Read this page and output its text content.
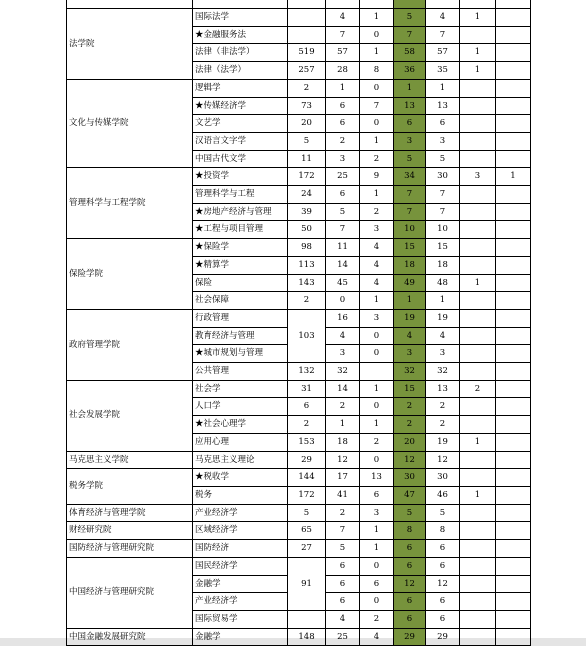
法学院	国际法学		4	1	5	4	1	
	★金融服务法		7	0	7	7		
	法律（非法学）	519	57	1	58	57	1	
	法律（法学）	257	28	8	36	35	1	
文化与传媒学院	逻辑学	2	1	0	1	1		
	★传媒经济学	73	6	7	13	13		
	文艺学	20	6	0	6	6		
	汉语言文字学	5	2	1	3	3		
	中国古代文学	11	3	2	5	5		
管理科学与工程学院	★投资学	172	25	9	34	30	3	1
	管理科学与工程	24	6	1	7	7		
	★房地产经济与管理	39	5	2	7	7		
	★工程与项目管理	50	7	3	10	10		
保险学院	★保险学	98	11	4	15	15		
	★精算学	113	14	4	18	18		
	保险	143	45	4	49	48	1	
	社会保障	2	0	1	1	1		
政府管理学院	行政管理	103	16	3	19	19		
	教育经济与管理		4	0	4	4		
	★城市规划与管理		3	0	3	3		
	公共管理	132	32		32	32		
社会发展学院	社会学	31	14	1	15	13	2	
	人口学	6	2	0	2	2		
	★社会心理学	2	1	1	2	2		
	应用心理	153	18	2	20	19	1	
马克思主义学院	马克思主义理论	29	12	0	12	12		
税务学院	★税收学	144	17	13	30	30		
	税务	172	41	6	47	46	1	
体育经济与管理学院	产业经济学	5	2	3	5	5		
财经研究院	区域经济学	65	7	1	8	8		
国防经济与管理研究院	国防经济	27	5	1	6	6		
中国经济与管理研究院	国民经济学	91	6	0	6	6		
	金融学		6	6	12	12		
	产业经济学		6	0	6	6		
	国际贸易学		4	2	6	6		
中国金融发展研究院	金融学	148	25	4	29	29		
